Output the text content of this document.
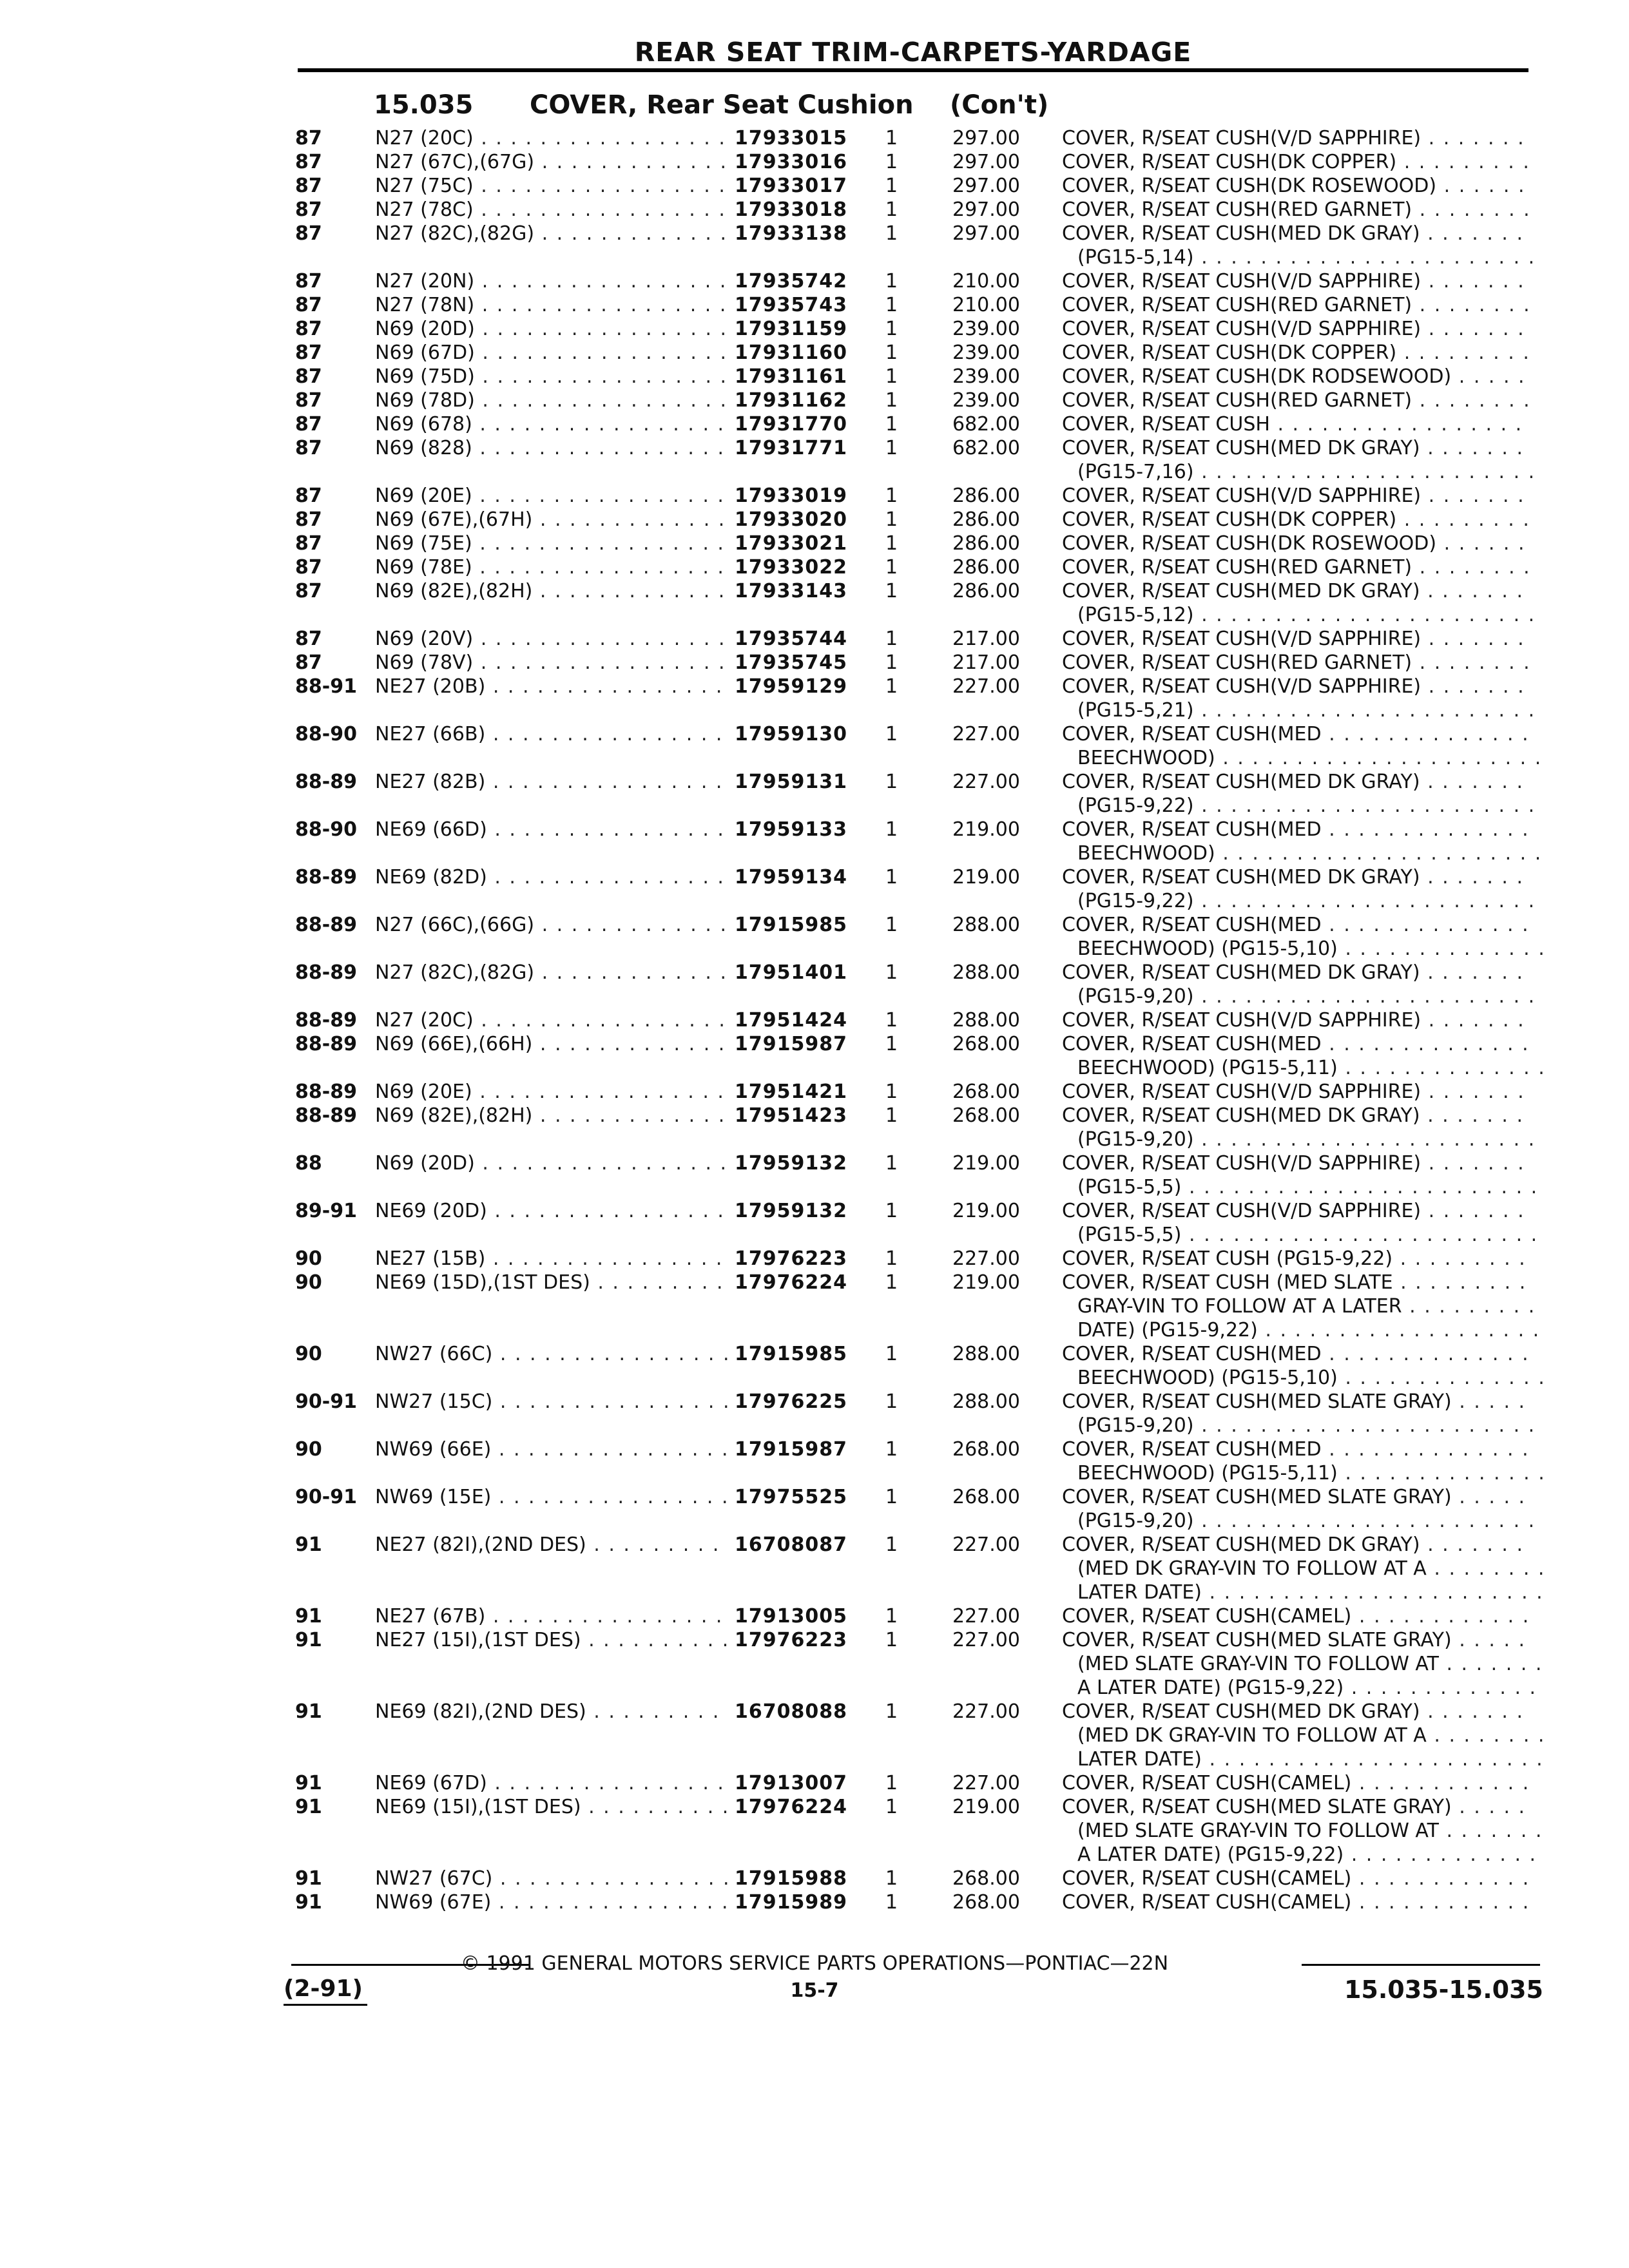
REAR SEAT TRIM-CARPETS-YARDAGE
15.035 COVER, Rear Seat Cushion (Con't)
87	N27 (20C) . . .	17933015 1	297.00 COVER, R/SEAT CUSH(V/D SAPPHIRE) . . .
87	N27 (67C),(67G) . . .	17933016 1	297.00 COVER, R/SEAT CUSH(DK COPPER) . . .
87	N27 (75C) . . .	17933017 1	297.00 COVER, R/SEAT CUSH(DK ROSEWOOD) . . .
87	N27 (78C) . . .	17933018 1	297.00 COVER, R/SEAT CUSH(RED GARNET) . . .
87	N27 (82C),(82G) . . .	17933138 1	297.00 COVER, R/SEAT CUSH(MED DK GRAY) . . .
(PG15-5,14) . . .
87	N27 (20N) . . .	17935742 1	210.00 COVER, R/SEAT CUSH(V/D SAPPHIRE) . . .
87	N27 (78N) . . .	17935743 1	210.00 COVER, R/SEAT CUSH(RED GARNET) . . .
87	N69 (20D) . . .	17931159 1	239.00 COVER, R/SEAT CUSH(V/D SAPPHIRE) . . .
87	N69 (67D) . . .	17931160 1	239.00 COVER, R/SEAT CUSH(DK COPPER) . . .
87	N69 (75D) . . .	17931161 1	239.00 COVER, R/SEAT CUSH(DK RODSEWOOD) . . .
87	N69 (78D) . . .	17931162 1	239.00 COVER, R/SEAT CUSH(RED GARNET) . . .
87	N69 (678) . . .	17931770 1	682.00 COVER, R/SEAT CUSH . . .
87	N69 (828) . . .	17931771 1	682.00 COVER, R/SEAT CUSH(MED DK GRAY) . . .
(PG15-7,16) . . .
87	N69 (20E) . . .	17933019 1	286.00 COVER, R/SEAT CUSH(V/D SAPPHIRE) . . .
87	N69 (67E),(67H) . . .	17933020 1	286.00 COVER, R/SEAT CUSH(DK COPPER) . . .
87	N69 (75E) . . .	17933021 1	286.00 COVER, R/SEAT CUSH(DK ROSEWOOD) . . .
87	N69 (78E) . . .	17933022 1	286.00 COVER, R/SEAT CUSH(RED GARNET) . . .
87	N69 (82E),(82H) . . .	17933143 1	286.00 COVER, R/SEAT CUSH(MED DK GRAY) . . .
(PG15-5,12) . . .
87	N69 (20V) . . .	17935744 1	217.00 COVER, R/SEAT CUSH(V/D SAPPHIRE) . . .
87	N69 (78V) . . .	17935745 1	217.00 COVER, R/SEAT CUSH(RED GARNET) . . .
88-91 NE27 (20B) . . .	17959129 1	227.00 COVER, R/SEAT CUSH(V/D SAPPHIRE) . . .
(PG15-5,21) . . .
88-90 NE27 (66B) . . .	17959130 1	227.00 COVER, R/SEAT CUSH(MED . . .
BEECHWOOD) . . .
88-89 NE27 (82B) . . .	17959131 1	227.00 COVER, R/SEAT CUSH(MED DK GRAY) . . .
(PG15-9,22) . . .
88-90 NE69 (66D) . . .	17959133 1	219.00 COVER, R/SEAT CUSH(MED . . .
BEECHWOOD) . . .
88-89 NE69 (82D) . . .	17959134 1	219.00 COVER, R/SEAT CUSH(MED DK GRAY) . . .
(PG15-9,22) . . .
88-89 N27 (66C),(66G) . . .	17915985 1	288.00 COVER, R/SEAT CUSH(MED . . .
BEECHWOOD) (PG15-5,10) . . .
88-89 N27 (82C),(82G) . . .	17951401 1	288.00 COVER, R/SEAT CUSH(MED DK GRAY) . . .
(PG15-9,20) . . .
88-89 N27 (20C) . . .	17951424 1	288.00 COVER, R/SEAT CUSH(V/D SAPPHIRE) . . .
88-89 N69 (66E),(66H) . . .	17915987 1	268.00 COVER, R/SEAT CUSH(MED . . .
BEECHWOOD) (PG15-5,11) . . .
88-89 N69 (20E) . . .	17951421 1	268.00 COVER, R/SEAT CUSH(V/D SAPPHIRE) . . .
88-89 N69 (82E),(82H) . . .	17951423 1	268.00 COVER, R/SEAT CUSH(MED DK GRAY) . . .
(PG15-9,20) . . .
88	N69 (20D) . . .	17959132 1	219.00 COVER, R/SEAT CUSH(V/D SAPPHIRE) . . .
(PG15-5,5) . . .
89-91 NE69 (20D) . . .	17959132 1	219.00 COVER, R/SEAT CUSH(V/D SAPPHIRE) . . .
(PG15-5,5) . . .
90	NE27 (15B) . . .	17976223 1	227.00 COVER, R/SEAT CUSH (PG15-9,22) . . .
90	NE69 (15D),(1ST DES) . . .	17976224 1	219.00 COVER, R/SEAT CUSH (MED SLATE . . .
GRAY-VIN TO FOLLOW AT A LATER . . .
DATE) (PG15-9,22) . . .
90	NW27 (66C) . . .	17915985 1	288.00 COVER, R/SEAT CUSH(MED . . .
BEECHWOOD) (PG15-5,10) . . .
90-91 NW27 (15C) . . .	17976225 1	288.00 COVER, R/SEAT CUSH(MED SLATE GRAY) . . .
(PG15-9,20) . . .
90	NW69 (66E) . . .	17915987 1	268.00 COVER, R/SEAT CUSH(MED . . .
BEECHWOOD) (PG15-5,11) . . .
90-91 NW69 (15E) . . .	17975525 1	268.00 COVER, R/SEAT CUSH(MED SLATE GRAY) . . .
(PG15-9,20) . . .
91	NE27 (82I),(2ND DES) . . .	16708087 1	227.00 COVER, R/SEAT CUSH(MED DK GRAY) . . .
(MED DK GRAY-VIN TO FOLLOW AT A . . .
LATER DATE) . . .
91	NE27 (67B) . . .	17913005 1	227.00 COVER, R/SEAT CUSH(CAMEL) . . .
91	NE27 (15I),(1ST DES) . . .	17976223 1	227.00 COVER, R/SEAT CUSH(MED SLATE GRAY) . . .
(MED SLATE GRAY-VIN TO FOLLOW AT . . .
A LATER DATE) (PG15-9,22) . . .
91	NE69 (82I),(2ND DES) . . .	16708088 1	227.00 COVER, R/SEAT CUSH(MED DK GRAY) . . .
(MED DK GRAY-VIN TO FOLLOW AT A . . .
LATER DATE) . . .
91	NE69 (67D) . . .	17913007 1	227.00 COVER, R/SEAT CUSH(CAMEL) . . .
91	NE69 (15I),(1ST DES) . . .	17976224 1	219.00 COVER, R/SEAT CUSH(MED SLATE GRAY) . . .
(MED SLATE GRAY-VIN TO FOLLOW AT . . .
A LATER DATE) (PG15-9,22) . . .
91	NW27 (67C) . . .	17915988 1	268.00 COVER, R/SEAT CUSH(CAMEL) . . .
91	NW69 (67E) . . .	17915989 1	268.00 COVER, R/SEAT CUSH(CAMEL) . . .
© 1991 GENERAL MOTORS SERVICE PARTS OPERATIONS—PONTIAC—22N
(2-91)	15-7	15.035-15.035
